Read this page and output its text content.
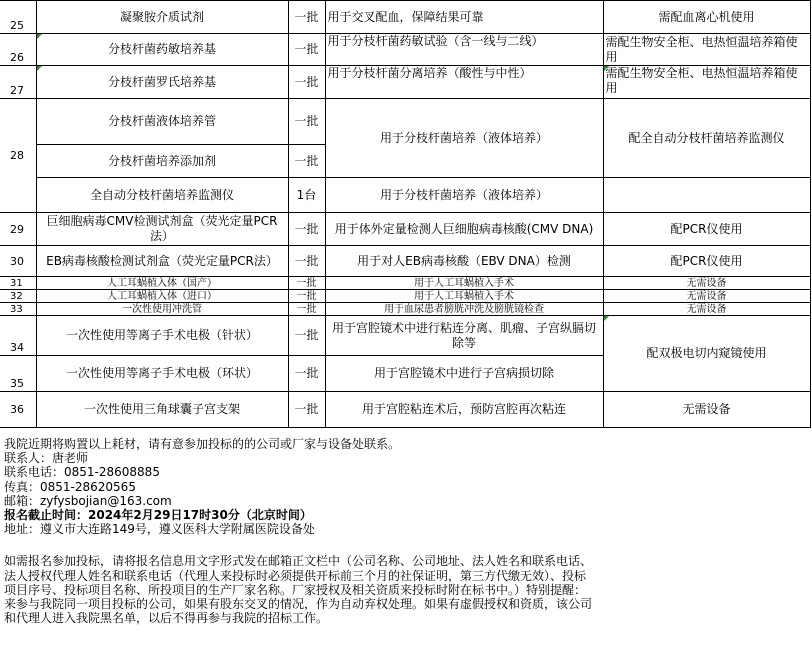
25	凝聚胺介质试剂	一批	用于交叉配血，保障结果可靠	需配血离心机使用
26	分枝杆菌药敏培养基	一批	用于分枝杆菌药敏试验（含一线与二线）	需配生物安全柜、电热恒温培养箱使用
27	分枝杆菌罗氏培养基	一批	用于分枝杆菌分离培养（酸性与中性）	需配生物安全柜、电热恒温培养箱使用
28	分枝杆菌液体培养管	一批	用于分枝杆菌培养（液体培养）	配全自动分枝杆菌培养监测仪
	分枝杆菌培养添加剂	一批		
	全自动分枝杆菌培养监测仪	1台	用于分枝杆菌培养（液体培养）	
29	巨细胞病毒CMV检测试剂盒（荧光定量PCR法）	一批	用于体外定量检测人巨细胞病毒核酸(CMV DNA)	配PCR仪使用
30	EB病毒核酸检测试剂盒（荧光定量PCR法）	一批	用于对人EB病毒核酸（EBV DNA）检测	配PCR仪使用
31	人工耳蜗植入体（国产）	一批	用于人工耳蜗植入手术	无需设备
32	人工耳蜗植入体（进口）	一批	用于人工耳蜗植入手术	无需设备
33	一次性使用冲洗管	一批	用于血尿患者膀胱冲洗及膀胱镜检查	无需设备
34	一次性使用等离子手术电极（针状）	一批	用于宫腔镜术中进行粘连分离、肌瘤、子宫纵膈切除等	配双极电切内窥镜使用
35	一次性使用等离子手术电极（环状）	一批	用于宫腔镜术中进行子宫病损切除	
36	一次性使用三角球囊子宫支架	一批	用于宫腔粘连术后，预防宫腔再次粘连	无需设备
我院近期将购置以上耗材，请有意参加投标的的公司或厂家与设备处联系。
联系人：唐老师
联系电话：0851-28608885
传真：0851-28620565
邮箱：zyfysbojian@163.com
报名截止时间：2024年2月29日17时30分（北京时间）
地址：遵义市大连路149号，遵义医科大学附属医院设备处
如需报名参加投标，请将报名信息用文字形式发在邮箱正文栏中（公司名称、公司地址、法人姓名和联系电话、
法人授权代理人姓名和联系电话（代理人来投标时必须提供开标前三个月的社保证明，第三方代缴无效）、投标
项目序号、投标项目名称、所投项目的生产厂家名称。厂家授权及相关资质来投标时附在标书中。）特别提醒：
来参与我院同一项目投标的公司，如果有股东交叉的情况，作为自动弃权处理。如果有虚假授权和资质，该公司
和代理人进入我院黑名单，以后不得再参与我院的招标工作。
